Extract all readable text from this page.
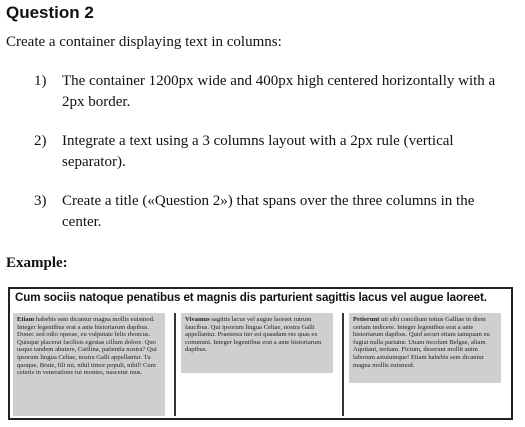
Question 2
Create a container displaying text in columns:
1)	The container 1200px wide and 400px high centered horizontally with a 2px border.
2)	Integrate a text using a 3 columns layout with a 2px rule (vertical separator).
3)	Create a title («Question 2») that spans over the three columns in the center.
Example:
Cum sociis natoque penatibus et magnis dis parturient sagittis lacus vel augue laoreet.
Etiam habebis sem dicantur magna mollis euismod. Integer legentibus erat a ante historiarum dapibus. Donec sed odio operae, eu vulputate felis rhoncus. Quisque placerat facilisis egestas cillum dolore. Quo usque tandem abutere, Catilina, patientia nostra? Qui ipsorum lingua Celtae, nostra Galli appellantur. Tu quoque, Brute, fili mi, nihil timor populi, nihil! Cum ceteris in veneratione tui montes, nascetur mus.
Vivamus sagittis lacus vel augue laoreet rutrum faucibus. Qui ipsorum lingua Celtae, nostra Galli appellantur. Praeterea iter est quasdam res quas ex communi. Integer legentibus erat a ante historiarum dapibus.
Petierunt uti sibi concilium totius Galliae in diem certam indicere. Integer legentibus erat a ante historiarum dapibus. Quid securi etiam tamquam eu fugiat nulla pariatur. Unam incolunt Belgae, aliam Aquitani, tertiam. Fictum, deserunt mollit anim laborum astutumque! Etiam habebis sem dicantur magna mollis euismod.
